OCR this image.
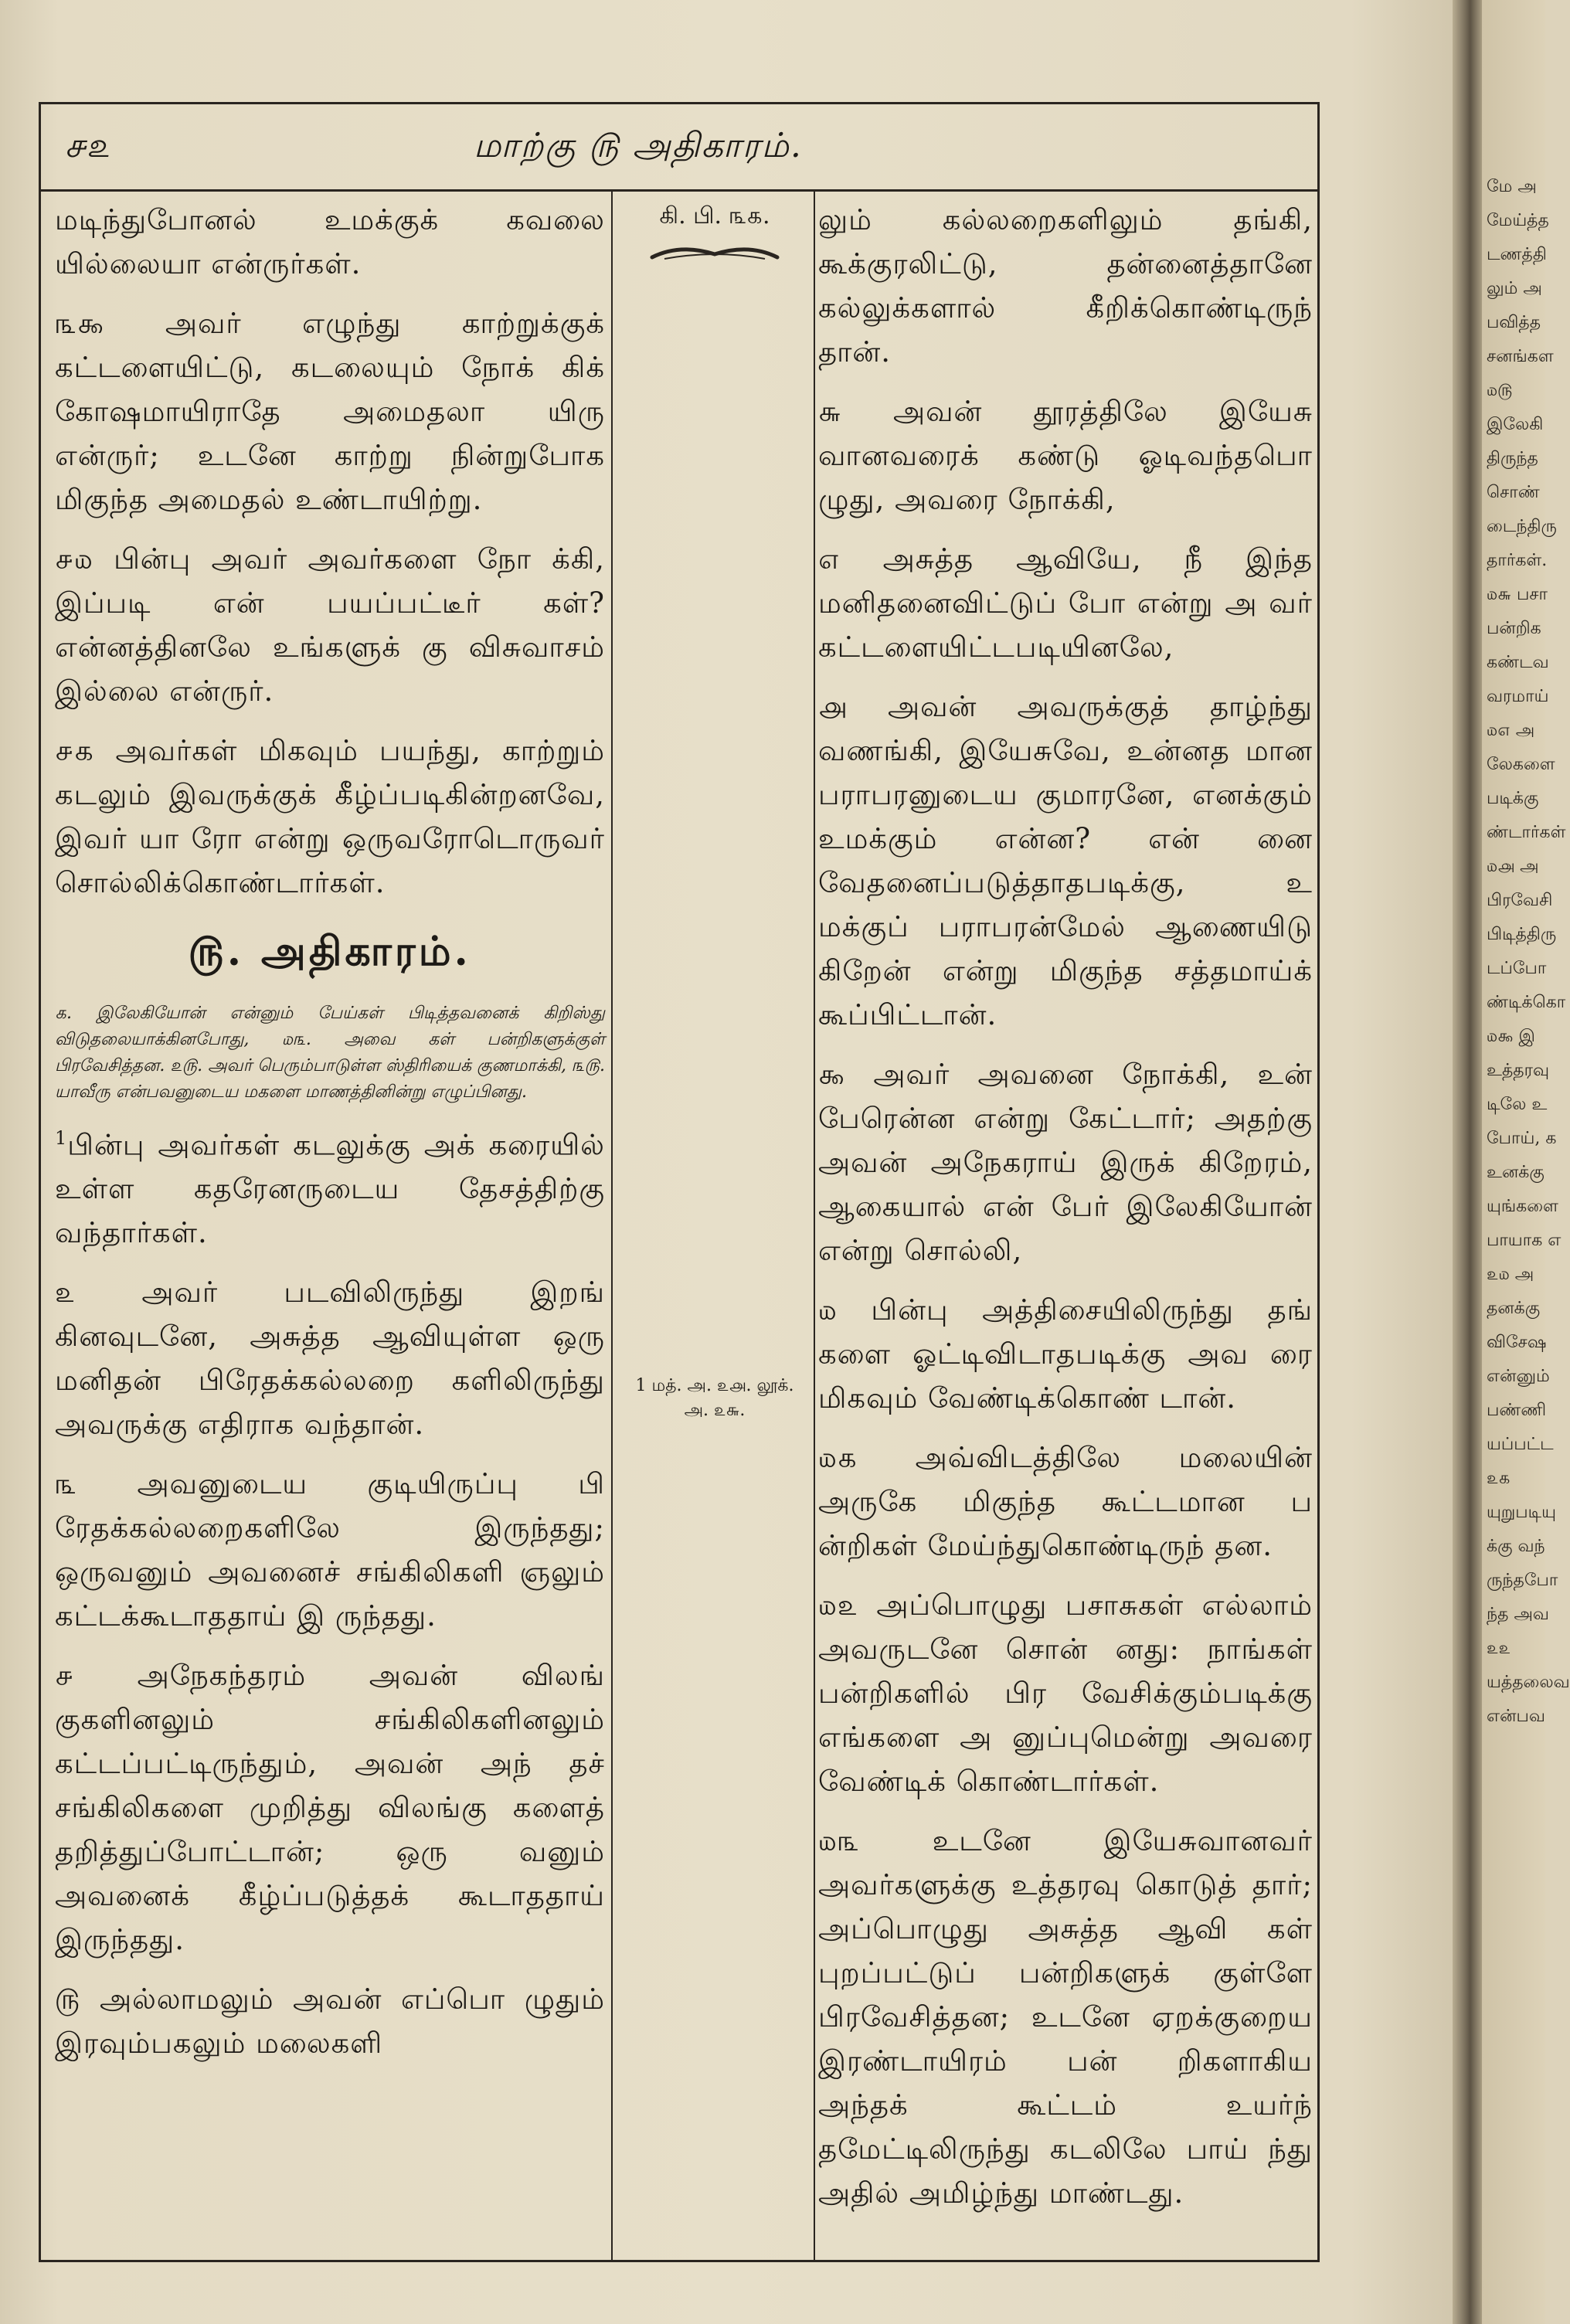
௪௨	மாற்கு ௫ அதிகாரம்.

மடிந்துபோனல் உமக்குக் கவலை யில்லையா என்ருர்கள்.

௩௯ அவர் எழுந்து காற்றுக்குக் கட்டளையிட்டு, கடலையும் நோக் கிக் கோஷமாயிராதே அமைதலா யிரு என்ருர்; உடனே காற்று நின்றுபோக மிகுந்த அமைதல் உண்டாயிற்று.

௪௰ பின்பு அவர் அவர்களை நோ க்கி, இப்படி என் பயப்பட்டீர் கள்? என்னத்தினலே உங்களுக் கு விசுவாசம் இல்லை என்ருர்.

௪௧ அவர்கள் மிகவும் பயந்து, காற்றும் கடலும் இவருக்குக் கீழ்ப்படிகின்றனவே, இவர் யா ரோ என்று ஒருவரோடொருவர் சொல்லிக்கொண்டார்கள்.

௫. அதிகாரம்.

௧. இலேகியோன் என்னும் பேய்கள் பிடித்தவனைக் கிறிஸ்து விடுதலையாக்கினபோது, ௰௩. அவை கள் பன்றிகளுக்குள் பிரவேசித்தன. ௨௫. அவர் பெரும்பாடுள்ள ஸ்திரியைக் குணமாக்கி, ௩௫. யாவீரு என்பவனுடைய மகளை மாணத்தினின்று எழுப்பினது.

$^1$பின்பு அவர்கள் கடலுக்கு அக் கரையில் உள்ள கதரேனருடைய தேசத்திற்கு வந்தார்கள்.

௨ அவர் படவிலிருந்து இறங் கினவுடனே, அசுத்த ஆவியுள்ள ஒரு மனிதன் பிரேதக்கல்லறை களிலிருந்து அவருக்கு எதிராக வந்தான்.

௩ அவனுடைய குடியிருப்பு பி ரேதக்கல்லறைகளிலே இருந்தது; ஒருவனும் அவனைச் சங்கிலிகளி ஞலும் கட்டக்கூடாததாய் இ ருந்தது.

௪ அநேகந்தரம் அவன் விலங் குகளினலும் சங்கிலிகளினலும் கட்டப்பட்டிருந்தும், அவன் அந் தச் சங்கிலிகளை முறித்து விலங்கு களைத் தறித்துப்போட்டான்; ஒரு வனும் அவனைக் கீழ்ப்படுத்தக் கூடாததாய் இருந்தது.

௫ அல்லாமலும் அவன் எப்பொ ழுதும் இரவும்பகலும் மலைகளி

கி. பி. ௩௧.
1 மத். அ. ௨௮. லூக். அ. ௨௬.

லும் கல்லறைகளிலும் தங்கி, கூக்குரலிட்டு, தன்னைத்தானே கல்லுக்களால் கீறிக்கொண்டிருந் தான்.

௬ அவன் தூரத்திலே இயேசு வானவரைக் கண்டு ஓடிவந்தபொ ழுது, அவரை நோக்கி,

௭ அசுத்த ஆவியே, நீ இந்த மனிதனைவிட்டுப் போ என்று அ வர் கட்டளையிட்டபடியினலே,

௮ அவன் அவருக்குத் தாழ்ந்து வணங்கி, இயேசுவே, உன்னத மான பராபரனுடைய குமாரனே, எனக்கும் உமக்கும் என்ன? என் னை வேதனைப்படுத்தாதபடிக்கு, உ மக்குப் பராபரன்மேல் ஆணையிடு கிறேன் என்று மிகுந்த சத்தமாய்க் கூப்பிட்டான்.

௯ அவர் அவனை நோக்கி, உன் பேரென்ன என்று கேட்டார்; அதற்கு அவன் அநேகராய் இருக் கிறேரம், ஆகையால் என் பேர் இலேகியோன் என்று சொல்லி,

௰ பின்பு அத்திசையிலிருந்து தங் களை ஓட்டிவிடாதபடிக்கு அவ ரை மிகவும் வேண்டிக்கொண் டான்.

௰௧ அவ்விடத்திலே மலையின் அருகே மிகுந்த கூட்டமான ப ன்றிகள் மேய்ந்துகொண்டிருந் தன.

௰௨ அப்பொழுது பசாசுகள் எல்லாம் அவருடனே சொன் னது: நாங்கள் பன்றிகளில் பிர வேசிக்கும்படிக்கு எங்களை அ னுப்புமென்று அவரை வேண்டிக் கொண்டார்கள்.

௰௩ உடனே இயேசுவானவர் அவர்களுக்கு உத்தரவு கொடுத் தார்; அப்பொழுது அசுத்த ஆவி கள் புறப்பட்டுப் பன்றிகளுக் குள்ளே பிரவேசித்தன; உடனே ஏறக்குறைய இரண்டாயிரம் பன் றிகளாகிய அந்தக் கூட்டம் உயர்ந் தமேட்டிலிருந்து கடலிலே பாய் ந்து அதில் அமிழ்ந்து மாண்டது.

மே அ
மேய்த்த
டணத்தி
லும் அ
பவித்த
சனங்கள
௰௫
இலேகி
திருந்த
சொண்
டைந்திரு
தார்கள்.
௰௬ பசா
பன்றிக
கண்டவ
வரமாய்
௰௭ அ
லேகளை
படிக்கு
ண்டார்கள்
௰௮ அ
பிரவேசி
பிடித்திரு
டப்போ
ண்டிக்கொ
௰௯ இ
உத்தரவு
டிலே உ
போய், க
உனக்கு
யுங்களை
பாயாக எ
௨௰ அ
தனக்கு
விசேஷ
என்னும்
பண்ணி
யப்பட்ட
௨௧
யுறுபடியு
க்கு வந்
ருந்தபோ
ந்த அவ
௨௨
யத்தலைவ
என்பவ
